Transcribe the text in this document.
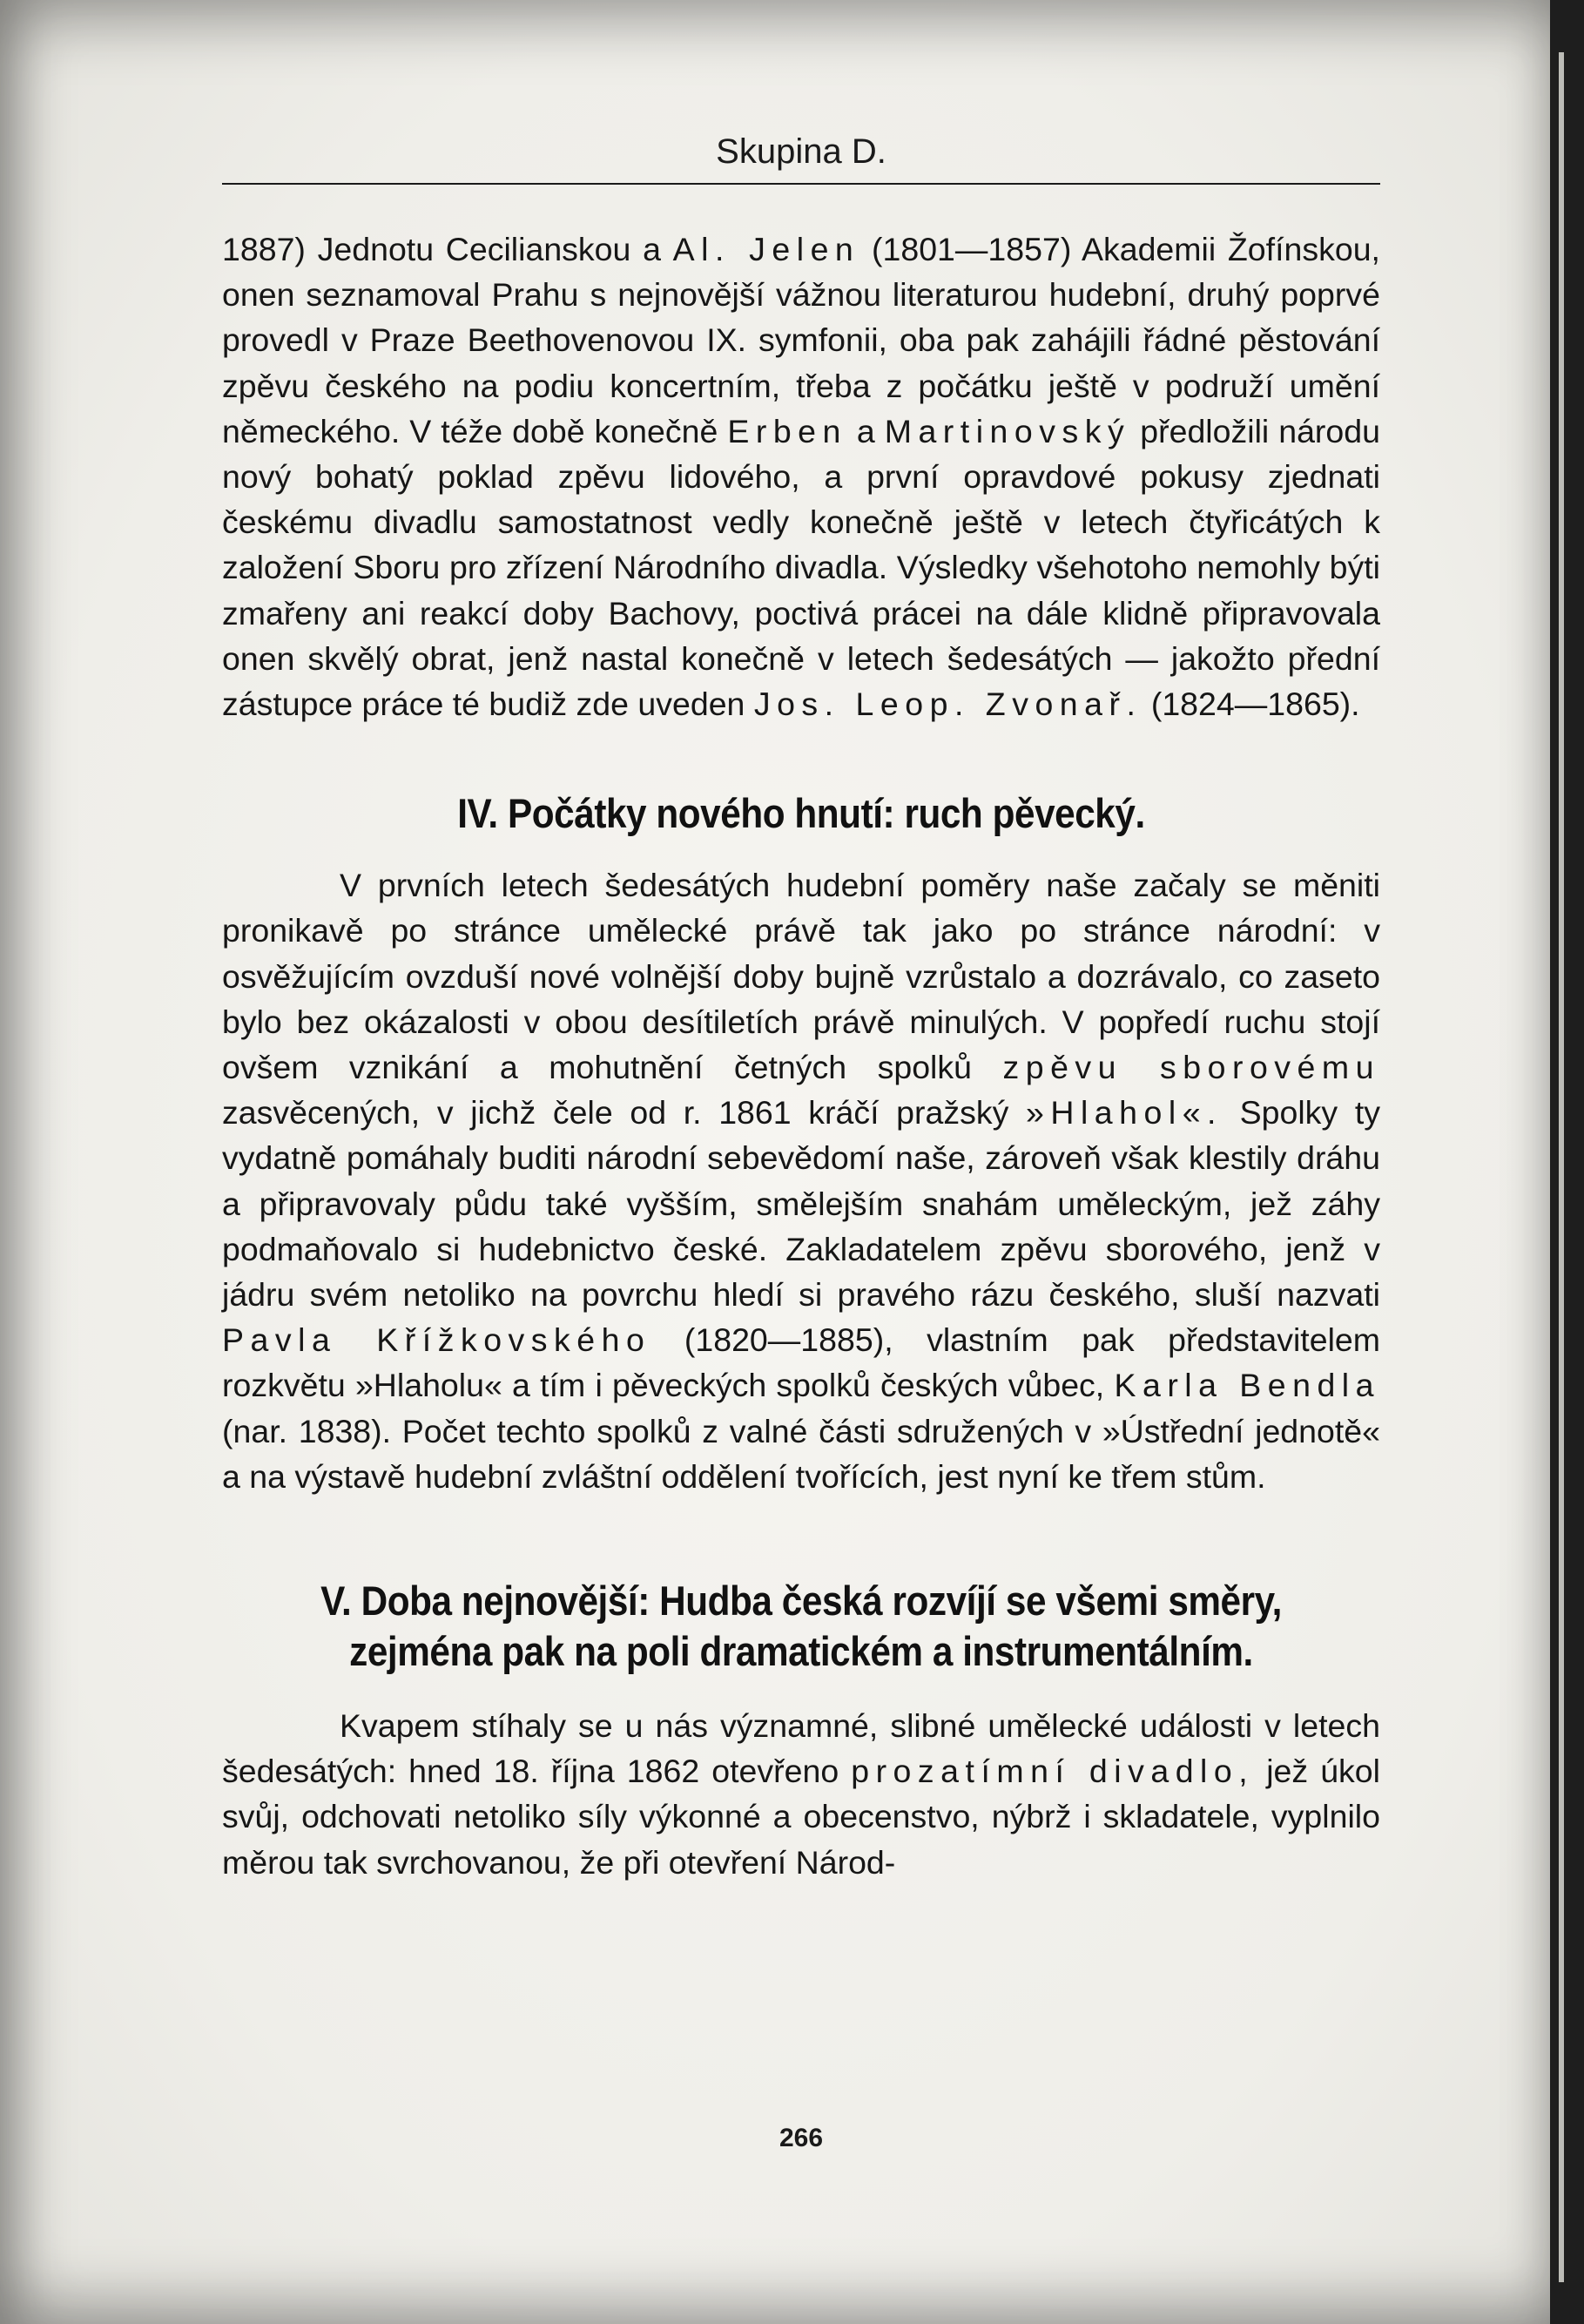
Skupina D.

1887) Jednotu Cecilianskou a Al. Jelen (1801—1857) Akademii Žofínskou, onen seznamoval Prahu s nejnovější vážnou literaturou hudební, druhý poprvé provedl v Praze Beethovenovou IX. symfonii, oba pak zahájili řádné pěstování zpěvu českého na podiu koncertním, třeba z počátku ještě v podruží umění německého. V téže době konečně Erben a Martinovský předložili národu nový bohatý poklad zpěvu lidového, a první opravdové pokusy zjednati českému divadlu samostatnost vedly konečně ještě v letech čtyřicátých k založení Sboru pro zřízení Národního divadla. Výsledky všehotoho nemohly býti zmařeny ani reakcí doby Bachovy, poctivá prácei na dále klidně připravovala onen skvělý obrat, jenž nastal konečně v letech šedesátých — jakožto přední zástupce práce té budiž zde uveden Jos. Leop. Zvonař. (1824—1865).

IV. Počátky nového hnutí: ruch pěvecký.

V prvních letech šedesátých hudební poměry naše začaly se měniti pronikavě po stránce umělecké právě tak jako po stránce národní: v osvěžujícím ovzduší nové volnější doby bujně vzrůstalo a dozrávalo, co zaseto bylo bez okázalosti v obou desítiletích právě minulých. V popředí ruchu stojí ovšem vznikání a mohutnění četných spolků zpěvu sborovému zasvěcených, v jichž čele od r. 1861 kráčí pražský »Hlahol«. Spolky ty vydatně pomáhaly buditi národní sebevědomí naše, zároveň však klestily dráhu a připravovaly půdu také vyšším, smělejším snahám uměleckým, jež záhy podmaňovalo si hudebnictvo české. Zakladatelem zpěvu sborového, jenž v jádru svém netoliko na povrchu hledí si pravého rázu českého, sluší nazvati Pavla Křížkovského (1820—1885), vlastním pak představitelem rozkvětu »Hlaholu« a tím i pěveckých spolků českých vůbec, Karla Bendla (nar. 1838). Počet techto spolků z valné části sdružených v »Ústřední jednotě« a na výstavě hudební zvláštní oddělení tvořících, jest nyní ke třem stům.

V. Doba nejnovější: Hudba česká rozvíjí se všemi směry,
zejména pak na poli dramatickém a instrumentálním.

Kvapem stíhaly se u nás významné, slibné umělecké události v letech šedesátých: hned 18. října 1862 otevřeno prozatímní divadlo, jež úkol svůj, odchovati netoliko síly výkonné a obecenstvo, nýbrž i skladatele, vyplnilo měrou tak svrchovanou, že při otevření Národ-

266
